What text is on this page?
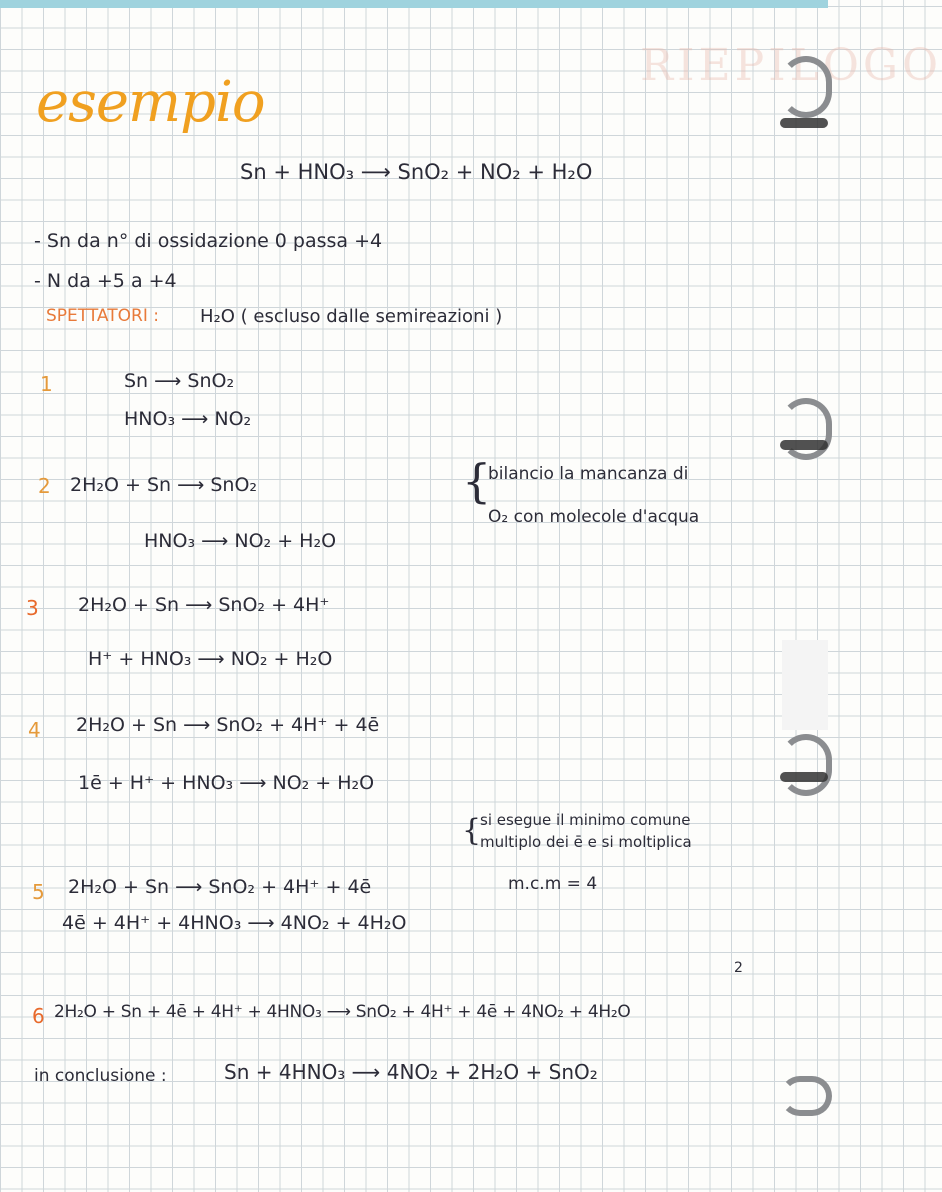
RIEPILOGO
esempio
Sn + HNO₃ ⟶ SnO₂ + NO₂ + H₂O
- Sn da n° di ossidazione 0 passa +4
- N da +5 a +4
SPETTATORI : H₂O ( escluso dalle semireazioni )
1	Sn ⟶ SnO₂
HNO₃ ⟶ NO₂
2 2H₂O + Sn ⟶ SnO₂
HNO₃ ⟶ NO₂ + H₂O
{
bilancio la mancanza di
O₂ con molecole d'acqua
3 2H₂O + Sn ⟶ SnO₂ + 4H⁺
H⁺ + HNO₃ ⟶ NO₂ + H₂O
4 2H₂O + Sn ⟶ SnO₂ + 4H⁺ + 4ē
1ē + H⁺ + HNO₃ ⟶ NO₂ + H₂O
{
si esegue il minimo comune
multiplo dei ē e si moltiplica
m.c.m = 4
5 2H₂O + Sn ⟶ SnO₂ + 4H⁺ + 4ē
4ē + 4H⁺ + 4HNO₃ ⟶ 4NO₂ + 4H₂O
6 2H₂O + Sn + 4ē + 4H⁺ + 4HNO₃ ⟶ SnO₂ + 4H⁺ + 4ē + 4NO₂ + 4H₂O
2
in conclusione :	Sn + 4HNO₃ ⟶ 4NO₂ + 2H₂O + SnO₂
